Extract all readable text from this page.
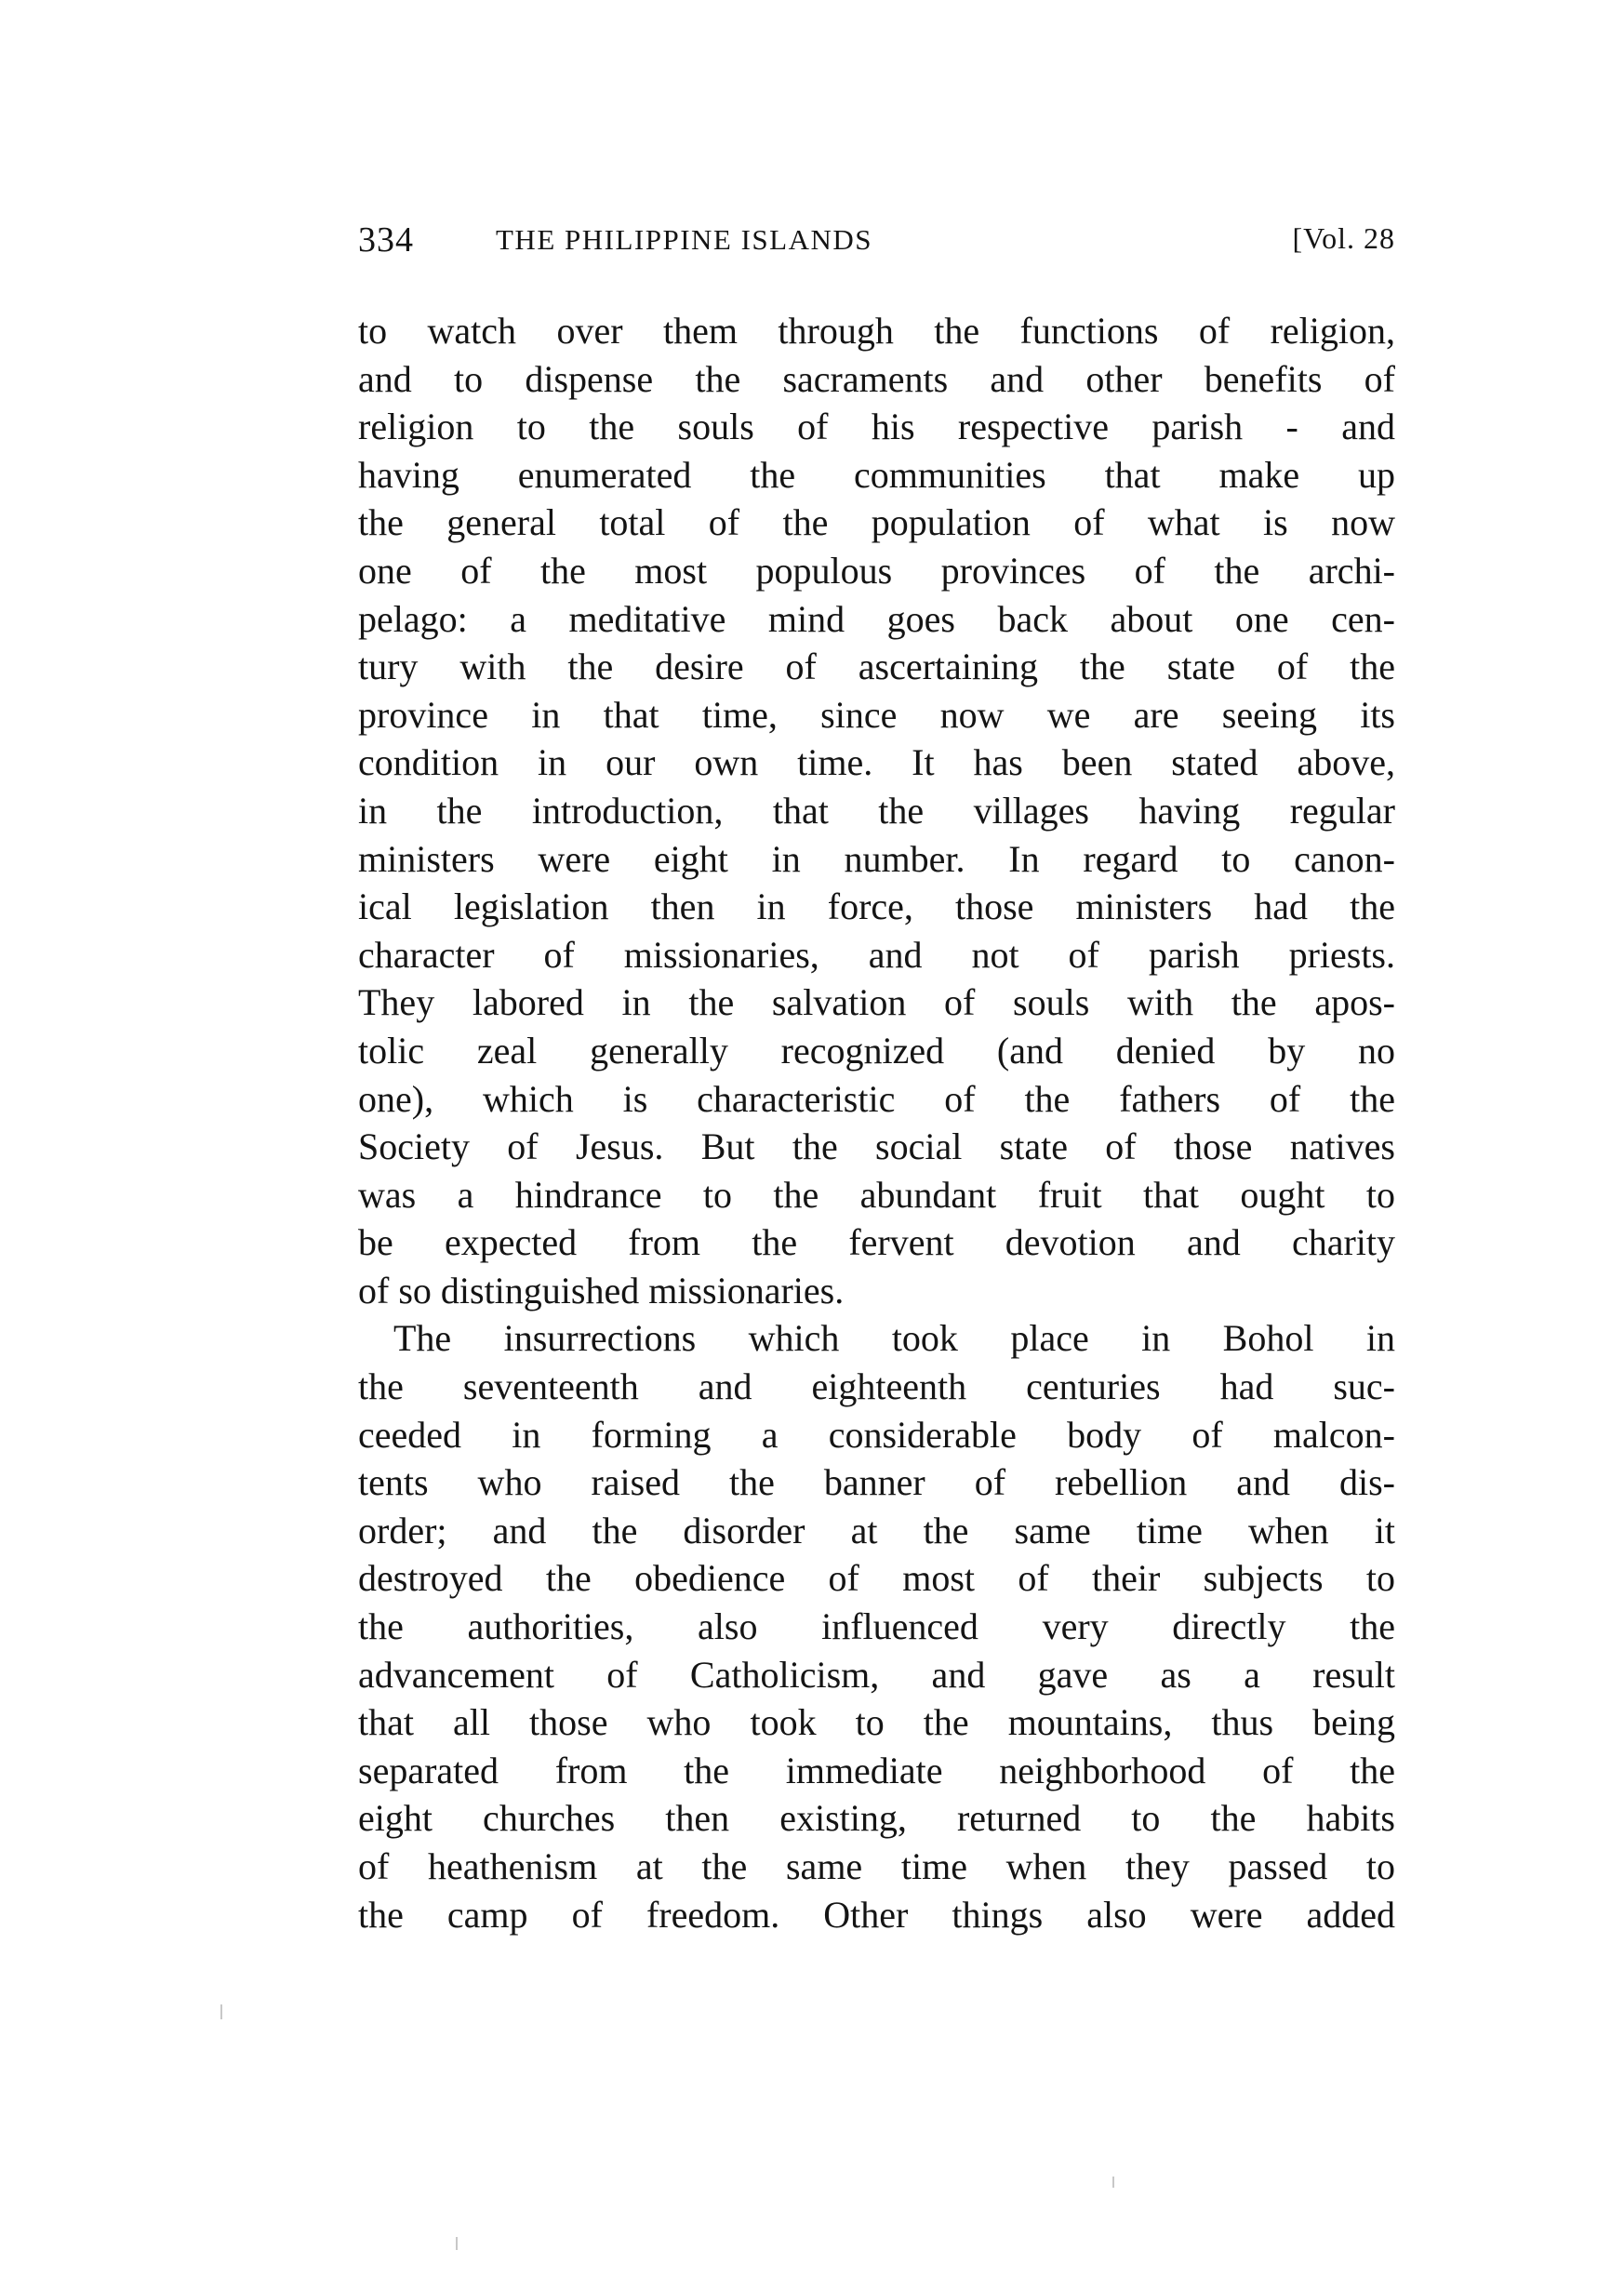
334	THE PHILIPPINE ISLANDS	[Vol. 28
to watch over them through the functions of religion,
and to dispense the sacraments and other benefits of
religion to the souls of his respective parish - and
having enumerated the communities that make up
the general total of the population of what is now
one of the most populous provinces of the archi-
pelago: a meditative mind goes back about one cen-
tury with the desire of ascertaining the state of the
province in that time, since now we are seeing its
condition in our own time. It has been stated above,
in the introduction, that the villages having regular
ministers were eight in number. In regard to canon-
ical legislation then in force, those ministers had the
character of missionaries, and not of parish priests.
They labored in the salvation of souls with the apos-
tolic zeal generally recognized (and denied by no
one), which is characteristic of the fathers of the
Society of Jesus. But the social state of those natives
was a hindrance to the abundant fruit that ought to
be expected from the fervent devotion and charity
of so distinguished missionaries.
The insurrections which took place in Bohol in
the seventeenth and eighteenth centuries had suc-
ceeded in forming a considerable body of malcon-
tents who raised the banner of rebellion and dis-
order; and the disorder at the same time when it
destroyed the obedience of most of their subjects to
the authorities, also influenced very directly the
advancement of Catholicism, and gave as a result
that all those who took to the mountains, thus being
separated from the immediate neighborhood of the
eight churches then existing, returned to the habits
of heathenism at the same time when they passed to
the camp of freedom. Other things also were added
